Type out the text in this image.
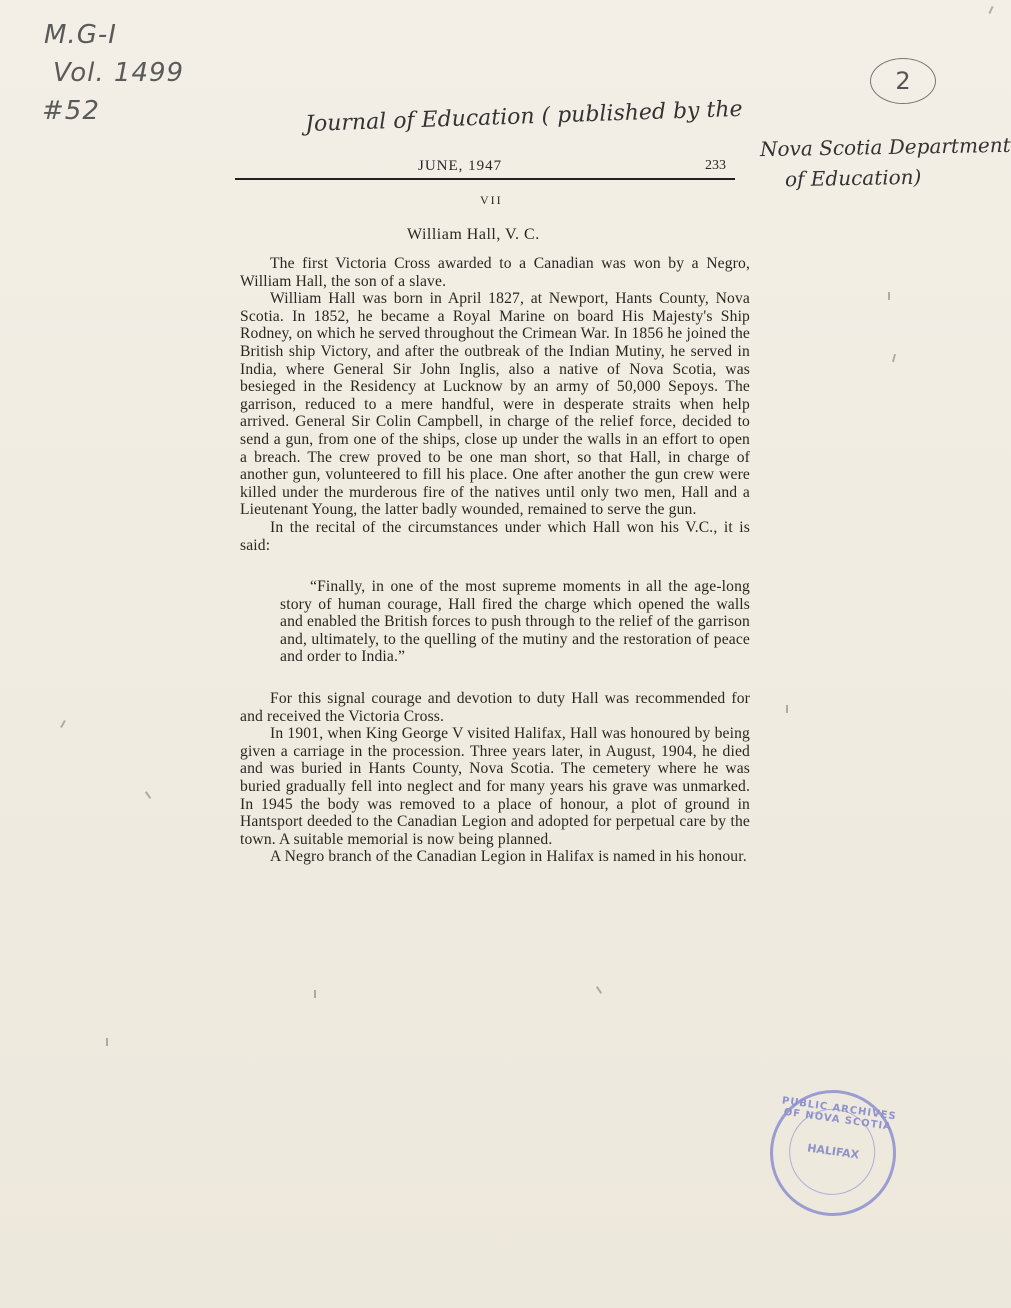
M.G-I
Vol. 1499
#52
2
Journal of Education ( published by the
Nova Scotia Department
of Education)
JUNE, 1947	233
VII
William Hall, V. C.

The first Victoria Cross awarded to a Canadian was won by a Negro, William Hall, the son of a slave.

William Hall was born in April 1827, at Newport, Hants County, Nova Scotia. In 1852, he became a Royal Marine on board His Majesty's Ship Rodney, on which he served throughout the Crimean War. In 1856 he joined the British ship Victory, and after the outbreak of the Indian Mutiny, he served in India, where General Sir John Inglis, also a native of Nova Scotia, was besieged in the Residency at Lucknow by an army of 50,000 Sepoys. The garrison, reduced to a mere handful, were in desperate straits when help arrived. General Sir Colin Campbell, in charge of the relief force, decided to send a gun, from one of the ships, close up under the walls in an effort to open a breach. The crew proved to be one man short, so that Hall, in charge of another gun, volunteered to fill his place. One after another the gun crew were killed under the murderous fire of the natives until only two men, Hall and a Lieutenant Young, the latter badly wounded, remained to serve the gun.

In the recital of the circumstances under which Hall won his V.C., it is said:

“Finally, in one of the most supreme moments in all the age-long story of human courage, Hall fired the charge which opened the walls and enabled the British forces to push through to the relief of the garrison and, ultimately, to the quelling of the mutiny and the restoration of peace and order to India.”

For this signal courage and devotion to duty Hall was recommended for and received the Victoria Cross.

In 1901, when King George V visited Halifax, Hall was honoured by being given a carriage in the procession. Three years later, in August, 1904, he died and was buried in Hants County, Nova Scotia. The cemetery where he was buried gradually fell into neglect and for many years his grave was unmarked. In 1945 the body was removed to a place of honour, a plot of ground in Hantsport deeded to the Canadian Legion and adopted for perpetual care by the town. A suitable memorial is now being planned.

A Negro branch of the Canadian Legion in Halifax is named in his honour.

PUBLIC ARCHIVES OF NOVA SCOTIA
HALIFAX
